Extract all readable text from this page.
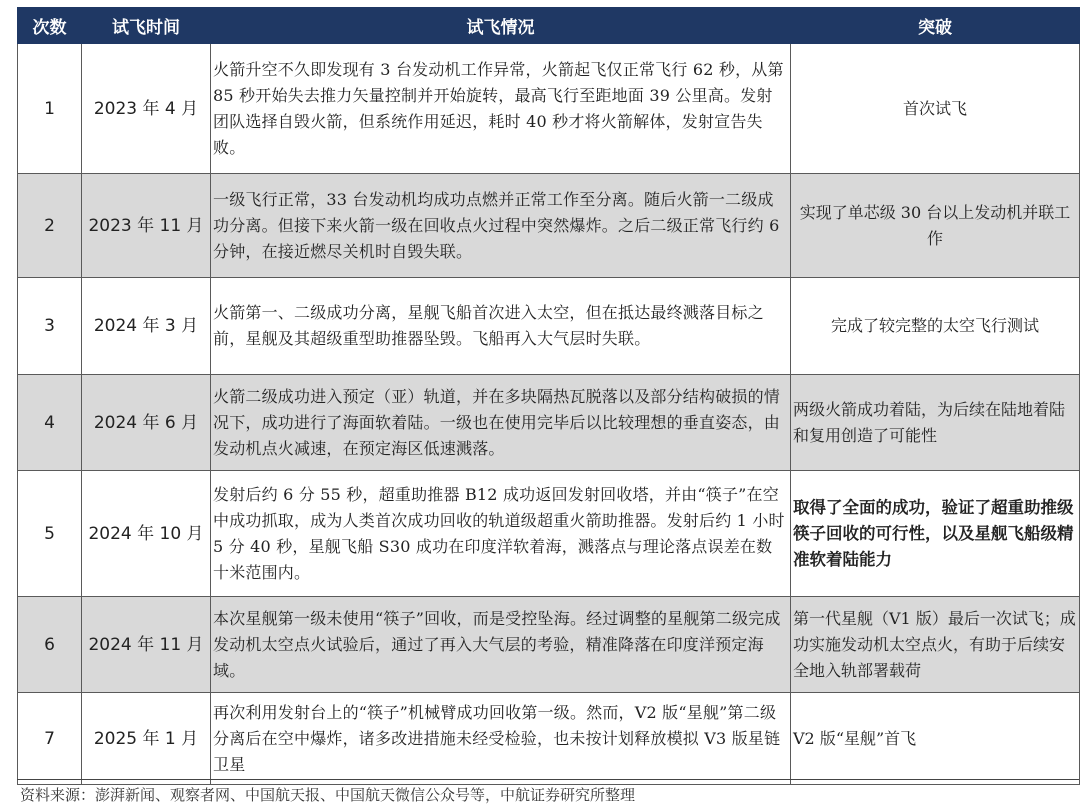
次数	试飞时间	试飞情况	突破
1	2023 年 4 月	火箭升空不久即发现有 3 台发动机工作异常，火箭起飞仅正常飞行 62 秒，从第 85 秒开始失去推力矢量控制并开始旋转，最高飞行至距地面 39 公里高。发射团队选择自毁火箭，但系统作用延迟，耗时 40 秒才将火箭解体，发射宣告失败。	首次试飞
2	2023 年 11 月	一级飞行正常，33 台发动机均成功点燃并正常工作至分离。随后火箭一二级成功分离。但接下来火箭一级在回收点火过程中突然爆炸。之后二级正常飞行约 6 分钟，在接近燃尽关机时自毁失联。	实现了单芯级 30 台以上发动机并联工作
3	2024 年 3 月	火箭第一、二级成功分离，星舰飞船首次进入太空，但在抵达最终溅落目标之前，星舰及其超级重型助推器坠毁。飞船再入大气层时失联。	完成了较完整的太空飞行测试
4	2024 年 6 月	火箭二级成功进入预定（亚）轨道，并在多块隔热瓦脱落以及部分结构破损的情况下，成功进行了海面软着陆。一级也在使用完毕后以比较理想的垂直姿态，由发动机点火减速，在预定海区低速溅落。	两级火箭成功着陆，为后续在陆地着陆和复用创造了可能性
5	2024 年 10 月	发射后约 6 分 55 秒，超重助推器 B12 成功返回发射回收塔，并由“筷子”在空中成功抓取，成为人类首次成功回收的轨道级超重火箭助推器。发射后约 1 小时 5 分 40 秒，星舰飞船 S30 成功在印度洋软着海，溅落点与理论落点误差在数十米范围内。	取得了全面的成功，验证了超重助推级筷子回收的可行性，以及星舰飞船级精准软着陆能力
6	2024 年 11 月	本次星舰第一级未使用“筷子”回收，而是受控坠海。经过调整的星舰第二级完成发动机太空点火试验后，通过了再入大气层的考验，精准降落在印度洋预定海域。	第一代星舰（V1 版）最后一次试飞；成功实施发动机太空点火，有助于后续安全地入轨部署载荷
7	2025 年 1 月	再次利用发射台上的“筷子”机械臂成功回收第一级。然而，V2 版“星舰”第二级分离后在空中爆炸，诸多改进措施未经受检验，也未按计划释放模拟 V3 版星链卫星	V2 版“星舰”首飞
资料来源：澎湃新闻、观察者网、中国航天报、中国航天微信公众号等，中航证券研究所整理
